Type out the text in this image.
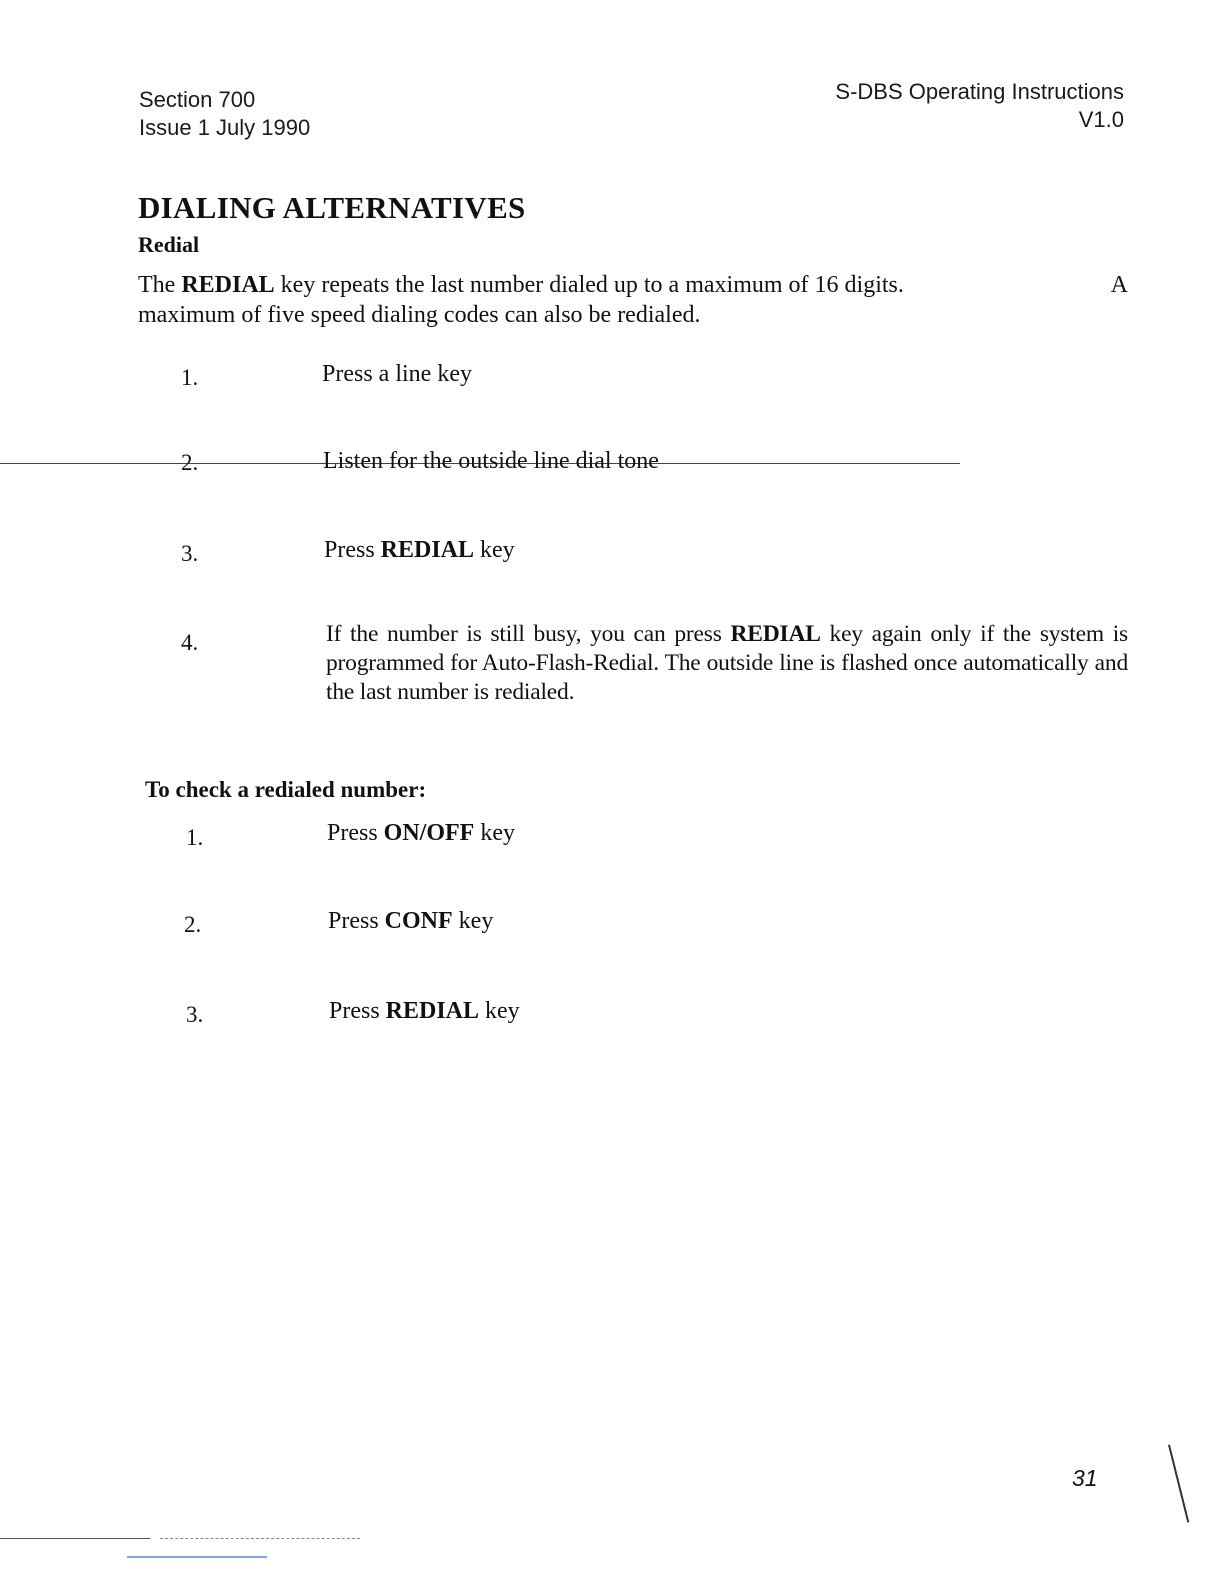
Section 700
Issue 1 July 1990
S-DBS Operating Instructions
V1.0
DIALING ALTERNATIVES
Redial
The REDIAL key repeats the last number dialed up to a maximum of 16 digits.	A
maximum of five speed dialing codes can also be redialed.
1.	Press a line key
2.	Listen for the outside line dial tone
3.	Press REDIAL key
4.	If the number is still busy, you can press REDIAL key again only if the system is programmed for Auto-Flash-Redial. The outside line is flashed once automatically and the last number is redialed.
To check a redialed number:
1.	Press ON/OFF key
2.	Press CONF key
3.	Press REDIAL key
31
